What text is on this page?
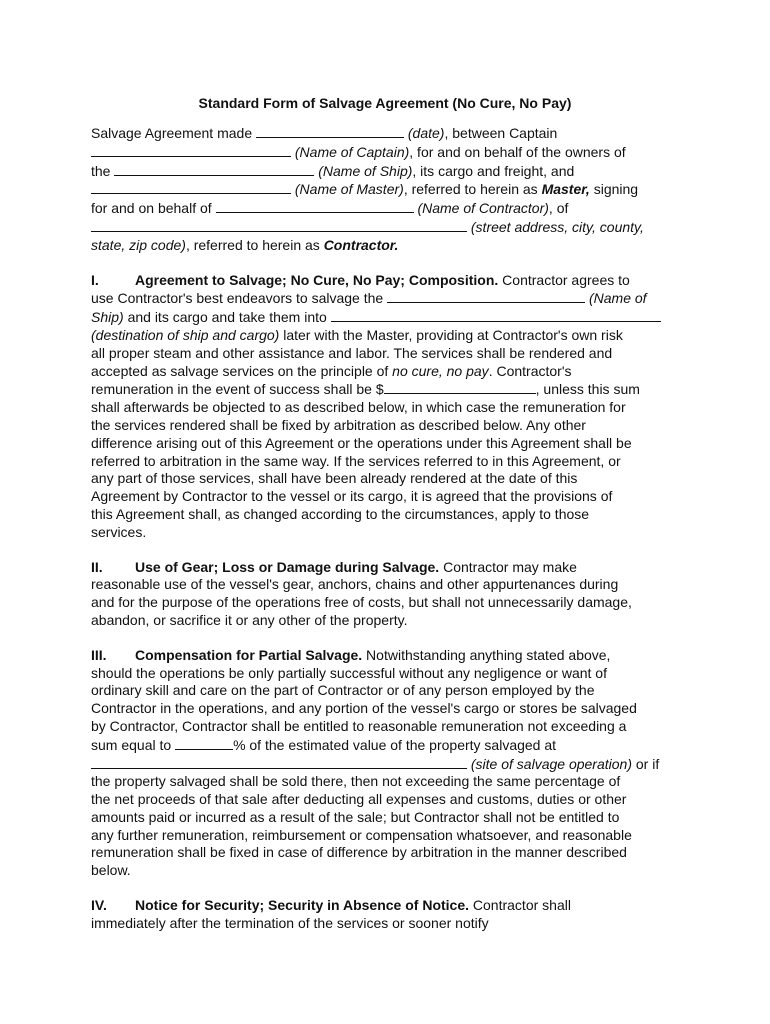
Standard Form of Salvage Agreement (No Cure, No Pay)

Salvage Agreement made	(date), between Captain
(Name of Captain), for and on behalf of the owners of
the	(Name of Ship), its cargo and freight, and
(Name of Master), referred to herein as Master, signing
for and on behalf of	(Name of Contractor), of
(street address, city, county,
state, zip code), referred to herein as Contractor.

I.	Agreement to Salvage; No Cure, No Pay; Composition. Contractor agrees to
use Contractor's best endeavors to salvage the	(Name of
Ship) and its cargo and take them into
(destination of ship and cargo) later with the Master, providing at Contractor's own risk
all proper steam and other assistance and labor. The services shall be rendered and
accepted as salvage services on the principle of no cure, no pay. Contractor's
remuneration in the event of success shall be $	, unless this sum
shall afterwards be objected to as described below, in which case the remuneration for
the services rendered shall be fixed by arbitration as described below. Any other
difference arising out of this Agreement or the operations under this Agreement shall be
referred to arbitration in the same way. If the services referred to in this Agreement, or
any part of those services, shall have been already rendered at the date of this
Agreement by Contractor to the vessel or its cargo, it is agreed that the provisions of
this Agreement shall, as changed according to the circumstances, apply to those
services.

II. Use of Gear; Loss or Damage during Salvage. Contractor may make
reasonable use of the vessel's gear, anchors, chains and other appurtenances during
and for the purpose of the operations free of costs, but shall not unnecessarily damage,
abandon, or sacrifice it or any other of the property.

III. Compensation for Partial Salvage. Notwithstanding anything stated above,
should the operations be only partially successful without any negligence or want of
ordinary skill and care on the part of Contractor or of any person employed by the
Contractor in the operations, and any portion of the vessel's cargo or stores be salvaged
by Contractor, Contractor shall be entitled to reasonable remuneration not exceeding a
sum equal to	% of the estimated value of the property salvaged at
(site of salvage operation) or if
the property salvaged shall be sold there, then not exceeding the same percentage of
the net proceeds of that sale after deducting all expenses and customs, duties or other
amounts paid or incurred as a result of the sale; but Contractor shall not be entitled to
any further remuneration, reimbursement or compensation whatsoever, and reasonable
remuneration shall be fixed in case of difference by arbitration in the manner described
below.

IV. Notice for Security; Security in Absence of Notice. Contractor shall
immediately after the termination of the services or sooner notify
